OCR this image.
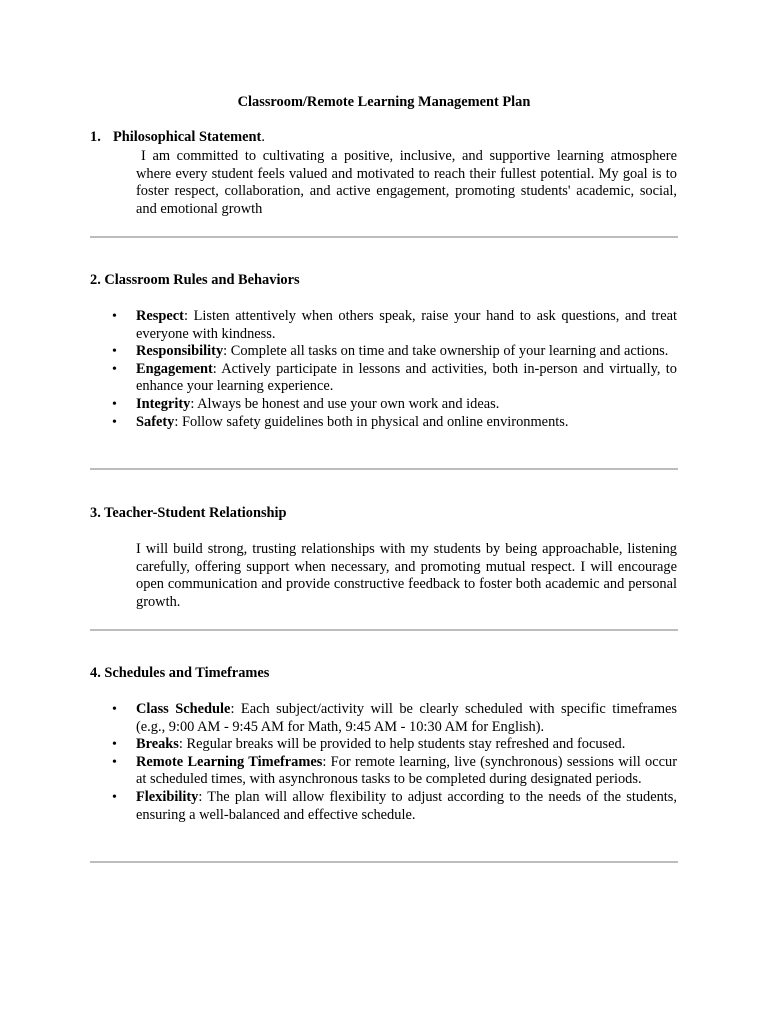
Classroom/Remote Learning Management Plan
1. Philosophical Statement.

I am committed to cultivating a positive, inclusive, and supportive learning atmosphere where every student feels valued and motivated to reach their fullest potential. My goal is to foster respect, collaboration, and active engagement, promoting students' academic, social, and emotional growth

2. Classroom Rules and Behaviors
• Respect: Listen attentively when others speak, raise your hand to ask questions, and treat everyone with kindness.
• Responsibility: Complete all tasks on time and take ownership of your learning and actions.
• Engagement: Actively participate in lessons and activities, both in-person and virtually, to enhance your learning experience.
• Integrity: Always be honest and use your own work and ideas.
• Safety: Follow safety guidelines both in physical and online environments.
3. Teacher-Student Relationship

I will build strong, trusting relationships with my students by being approachable, listening carefully, offering support when necessary, and promoting mutual respect. I will encourage open communication and provide constructive feedback to foster both academic and personal growth.

4. Schedules and Timeframes
• Class Schedule: Each subject/activity will be clearly scheduled with specific timeframes (e.g., 9:00 AM - 9:45 AM for Math, 9:45 AM - 10:30 AM for English).
• Breaks: Regular breaks will be provided to help students stay refreshed and focused.
• Remote Learning Timeframes: For remote learning, live (synchronous) sessions will occur at scheduled times, with asynchronous tasks to be completed during designated periods.
• Flexibility: The plan will allow flexibility to adjust according to the needs of the students, ensuring a well-balanced and effective schedule.
